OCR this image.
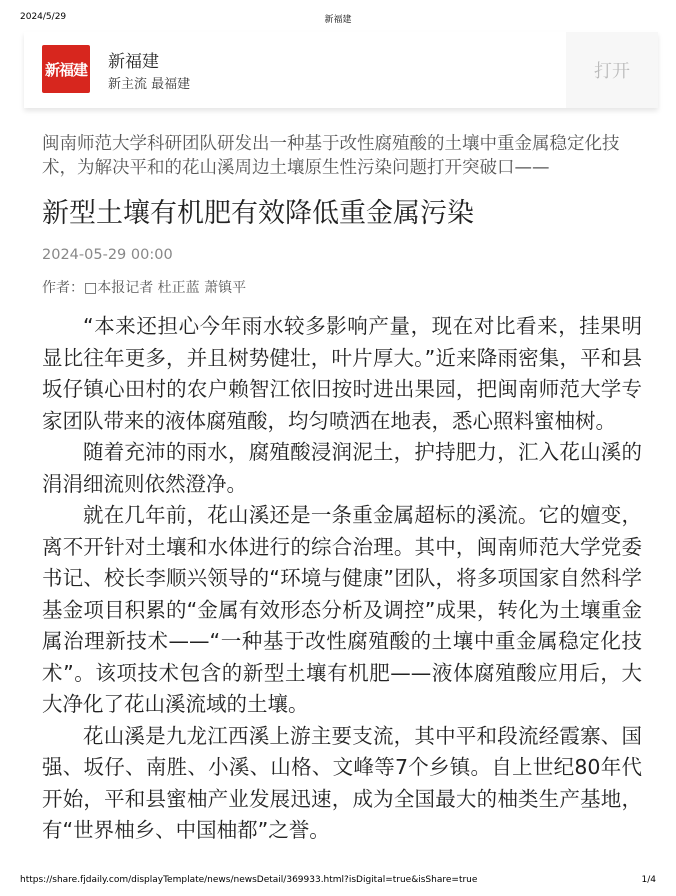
2024/5/29	新福建
新福建 新福建
新主流 最福建
打开
闽南师范大学科研团队研发出一种基于改性腐殖酸的土壤中重金属稳定化技术，为解决平和的花山溪周边土壤原生性污染问题打开突破口——
新型土壤有机肥有效降低重金属污染
2024-05-29 00:00
作者：□本报记者 杜正蓝 萧镇平

“本来还担心今年雨水较多影响产量，现在对比看来，挂果明显比往年更多，并且树势健壮，叶片厚大。”近来降雨密集，平和县坂仔镇心田村的农户赖智江依旧按时进出果园，把闽南师范大学专家团队带来的液体腐殖酸，均匀喷洒在地表，悉心照料蜜柚树。

随着充沛的雨水，腐殖酸浸润泥土，护持肥力，汇入花山溪的涓涓细流则依然澄净。

就在几年前，花山溪还是一条重金属超标的溪流。它的嬗变，离不开针对土壤和水体进行的综合治理。其中，闽南师范大学党委书记、校长李顺兴领导的“环境与健康”团队，将多项国家自然科学基金项目积累的“金属有效形态分析及调控”成果，转化为土壤重金属治理新技术——“一种基于改性腐殖酸的土壤中重金属稳定化技术”。该项技术包含的新型土壤有机肥——液体腐殖酸应用后，大大净化了花山溪流域的土壤。

花山溪是九龙江西溪上游主要支流，其中平和段流经霞寨、国强、坂仔、南胜、小溪、山格、文峰等7个乡镇。自上世纪80年代开始，平和县蜜柚产业发展迅速，成为全国最大的柚类生产基地，有“世界柚乡、中国柚都”之誉。

https://share.fjdaily.com/displayTemplate/news/newsDetail/369933.html?isDigital=true&isShare=true	1/4
